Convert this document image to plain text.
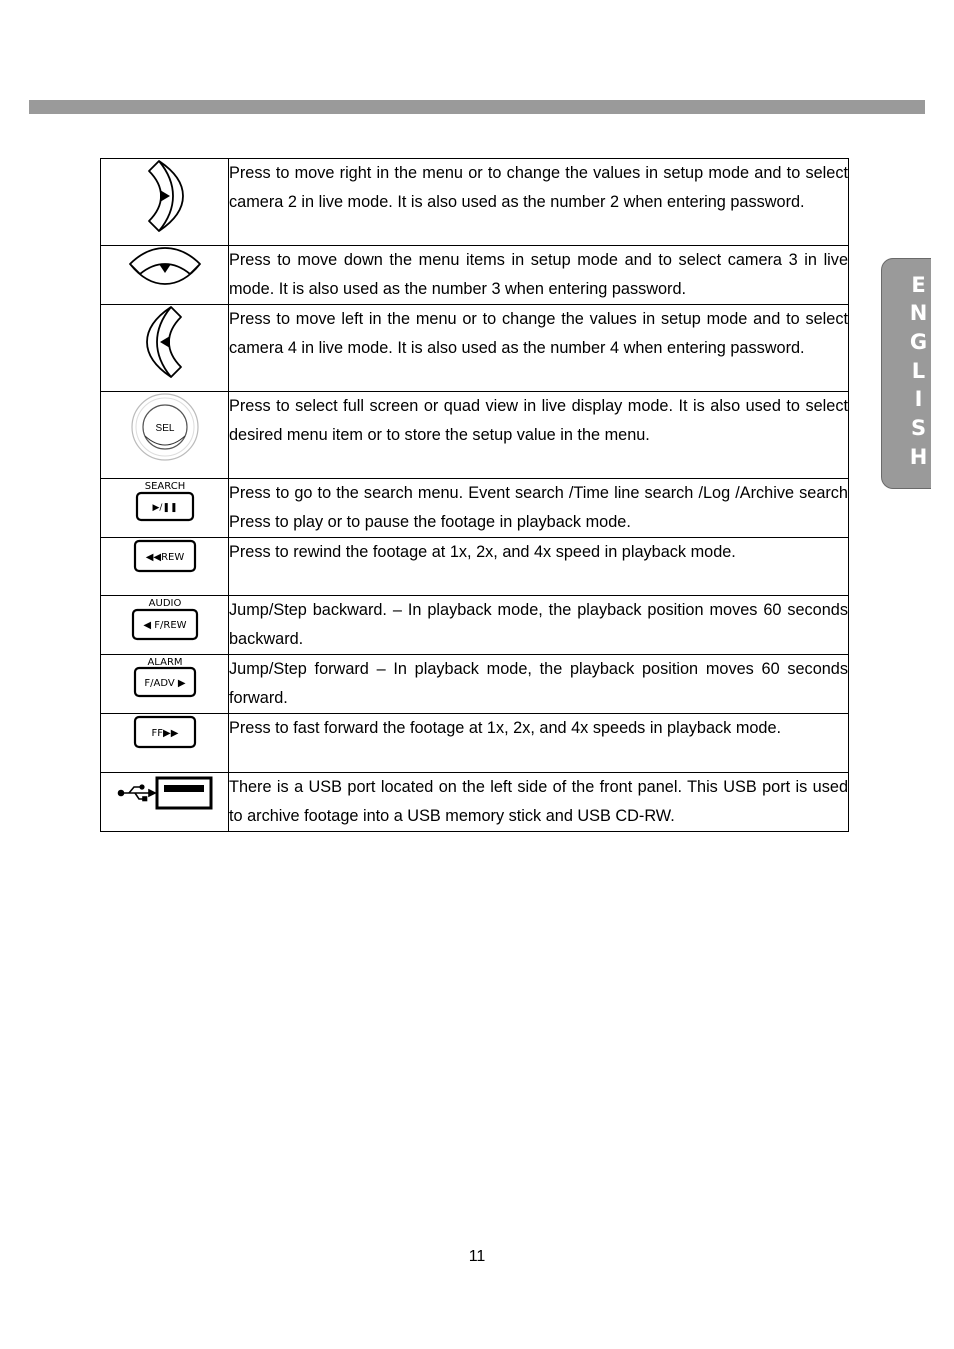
E
N
G
L
I
S
H
	Press to move right in the menu or to change the values in setup mode and to select camera 2 in live mode. It is also used as the number 2 when entering password.

	Press to move down the menu items in setup mode and to select camera 3 in live mode. It is also used as the number 3 when entering password.

	Press to move left in the menu or to change the values in setup mode and to select camera 4 in live mode. It is also used as the number 4 when entering password.

SEL	Press to select full screen or quad view in live display mode. It is also used to select desired menu item or to store the setup value in the menu.

SEARCH
▶/❚❚	Press to go to the search menu. Event search /Time line search /Log /Archive search　Press to play or to pause the footage in playback mode.

◀◀REW	Press to rewind the footage at 1x, 2x, and 4x speed in playback mode.

AUDIO
◀ F/REW	Jump/Step backward. – In playback mode, the playback position moves 60 seconds backward.

ALARM
F/ADV ▶	Jump/Step forward – In playback mode, the playback position moves 60 seconds forward.

FF▶▶	Press to fast forward the footage at 1x, 2x, and 4x speeds in playback mode.

	There is a USB port located on the left side of the front panel. This USB port is used to archive footage into a USB memory stick and USB CD-RW.
11
